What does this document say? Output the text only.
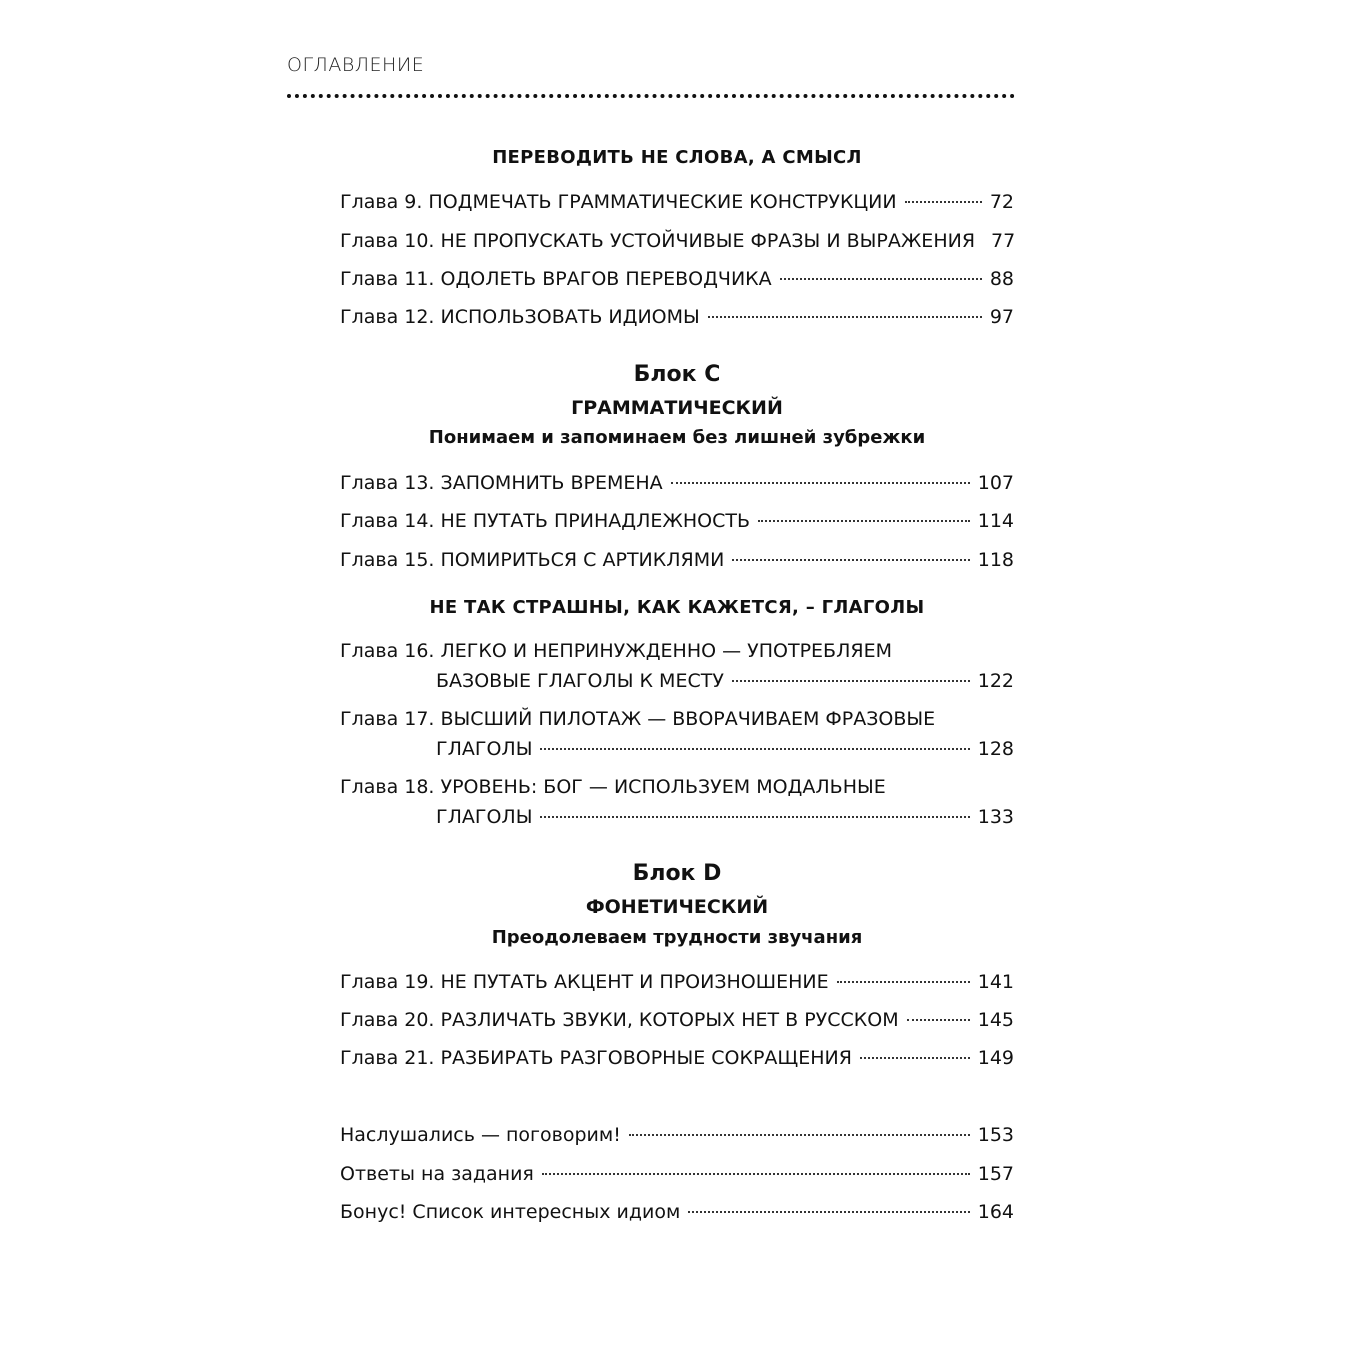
ОГЛАВЛЕНИЕ
ПЕРЕВОДИТЬ НЕ СЛОВА, А СМЫСЛ
Глава 9. ПОДМЕЧАТЬ ГРАММАТИЧЕСКИЕ КОНСТРУКЦИИ	72
Глава 10. НЕ ПРОПУСКАТЬ УСТОЙЧИВЫЕ ФРАЗЫ И ВЫРАЖЕНИЯ 77
Глава 11. ОДОЛЕТЬ ВРАГОВ ПЕРЕВОДЧИКА	88
Глава 12. ИСПОЛЬЗОВАТЬ ИДИОМЫ	97
Блок C
ГРАММАТИЧЕСКИЙ
Понимаем и запоминаем без лишней зубрежки
Глава 13. ЗАПОМНИТЬ ВРЕМЕНА	107
Глава 14. НЕ ПУТАТЬ ПРИНАДЛЕЖНОСТЬ	114
Глава 15. ПОМИРИТЬСЯ С АРТИКЛЯМИ	118
НЕ ТАК СТРАШНЫ, КАК КАЖЕТСЯ, – ГЛАГОЛЫ
Глава 16. ЛЕГКО И НЕПРИНУЖДЕННО — УПОТРЕБЛЯЕМ
БАЗОВЫЕ ГЛАГОЛЫ К МЕСТУ	122
Глава 17. ВЫСШИЙ ПИЛОТАЖ — ВВОРАЧИВАЕМ ФРАЗОВЫЕ
ГЛАГОЛЫ	128
Глава 18. УРОВЕНЬ: БОГ — ИСПОЛЬЗУЕМ МОДАЛЬНЫЕ
ГЛАГОЛЫ	133
Блок D
ФОНЕТИЧЕСКИЙ
Преодолеваем трудности звучания
Глава 19. НЕ ПУТАТЬ АКЦЕНТ И ПРОИЗНОШЕНИЕ	141
Глава 20. РАЗЛИЧАТЬ ЗВУКИ, КОТОРЫХ НЕТ В РУССКОМ	145
Глава 21. РАЗБИРАТЬ РАЗГОВОРНЫЕ СОКРАЩЕНИЯ	149
Наслушались — поговорим!	153
Ответы на задания	157
Бонус! Список интересных идиом	164
